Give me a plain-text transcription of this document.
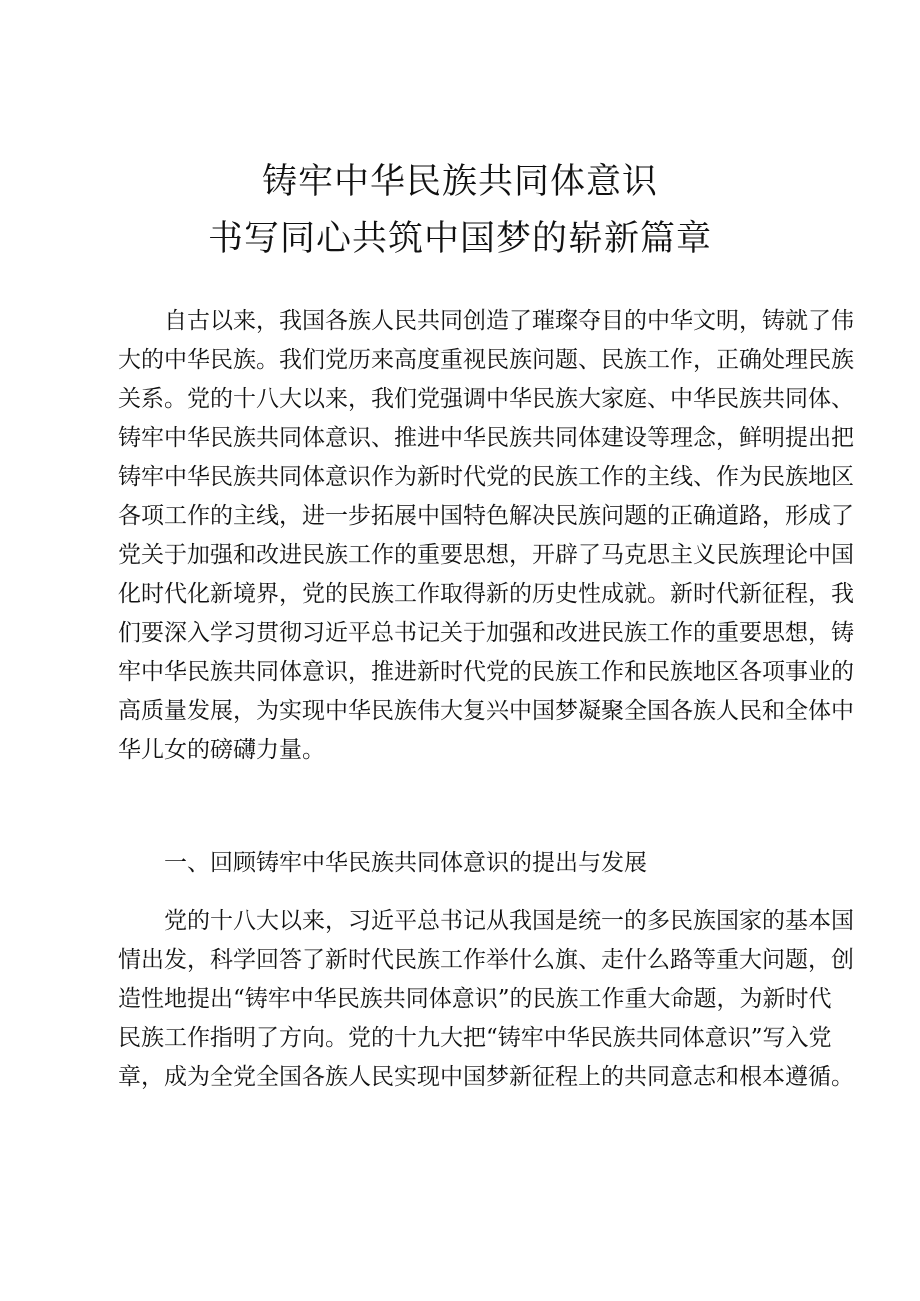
铸牢中华民族共同体意识
书写同心共筑中国梦的崭新篇章
自古以来，我国各族人民共同创造了璀璨夺目的中华文明，铸就了伟
大的中华民族。我们党历来高度重视民族问题、民族工作，正确处理民族
关系。党的十八大以来，我们党强调中华民族大家庭、中华民族共同体、
铸牢中华民族共同体意识、推进中华民族共同体建设等理念，鲜明提出把
铸牢中华民族共同体意识作为新时代党的民族工作的主线、作为民族地区
各项工作的主线，进一步拓展中国特色解决民族问题的正确道路，形成了
党关于加强和改进民族工作的重要思想，开辟了马克思主义民族理论中国
化时代化新境界，党的民族工作取得新的历史性成就。新时代新征程，我
们要深入学习贯彻习近平总书记关于加强和改进民族工作的重要思想，铸
牢中华民族共同体意识，推进新时代党的民族工作和民族地区各项事业的
高质量发展，为实现中华民族伟大复兴中国梦凝聚全国各族人民和全体中
华儿女的磅礴力量。
一、回顾铸牢中华民族共同体意识的提出与发展
党的十八大以来，习近平总书记从我国是统一的多民族国家的基本国
情出发，科学回答了新时代民族工作举什么旗、走什么路等重大问题，创
造性地提出“铸牢中华民族共同体意识”的民族工作重大命题，为新时代
民族工作指明了方向。党的十九大把“铸牢中华民族共同体意识”写入党
章，成为全党全国各族人民实现中国梦新征程上的共同意志和根本遵循。
